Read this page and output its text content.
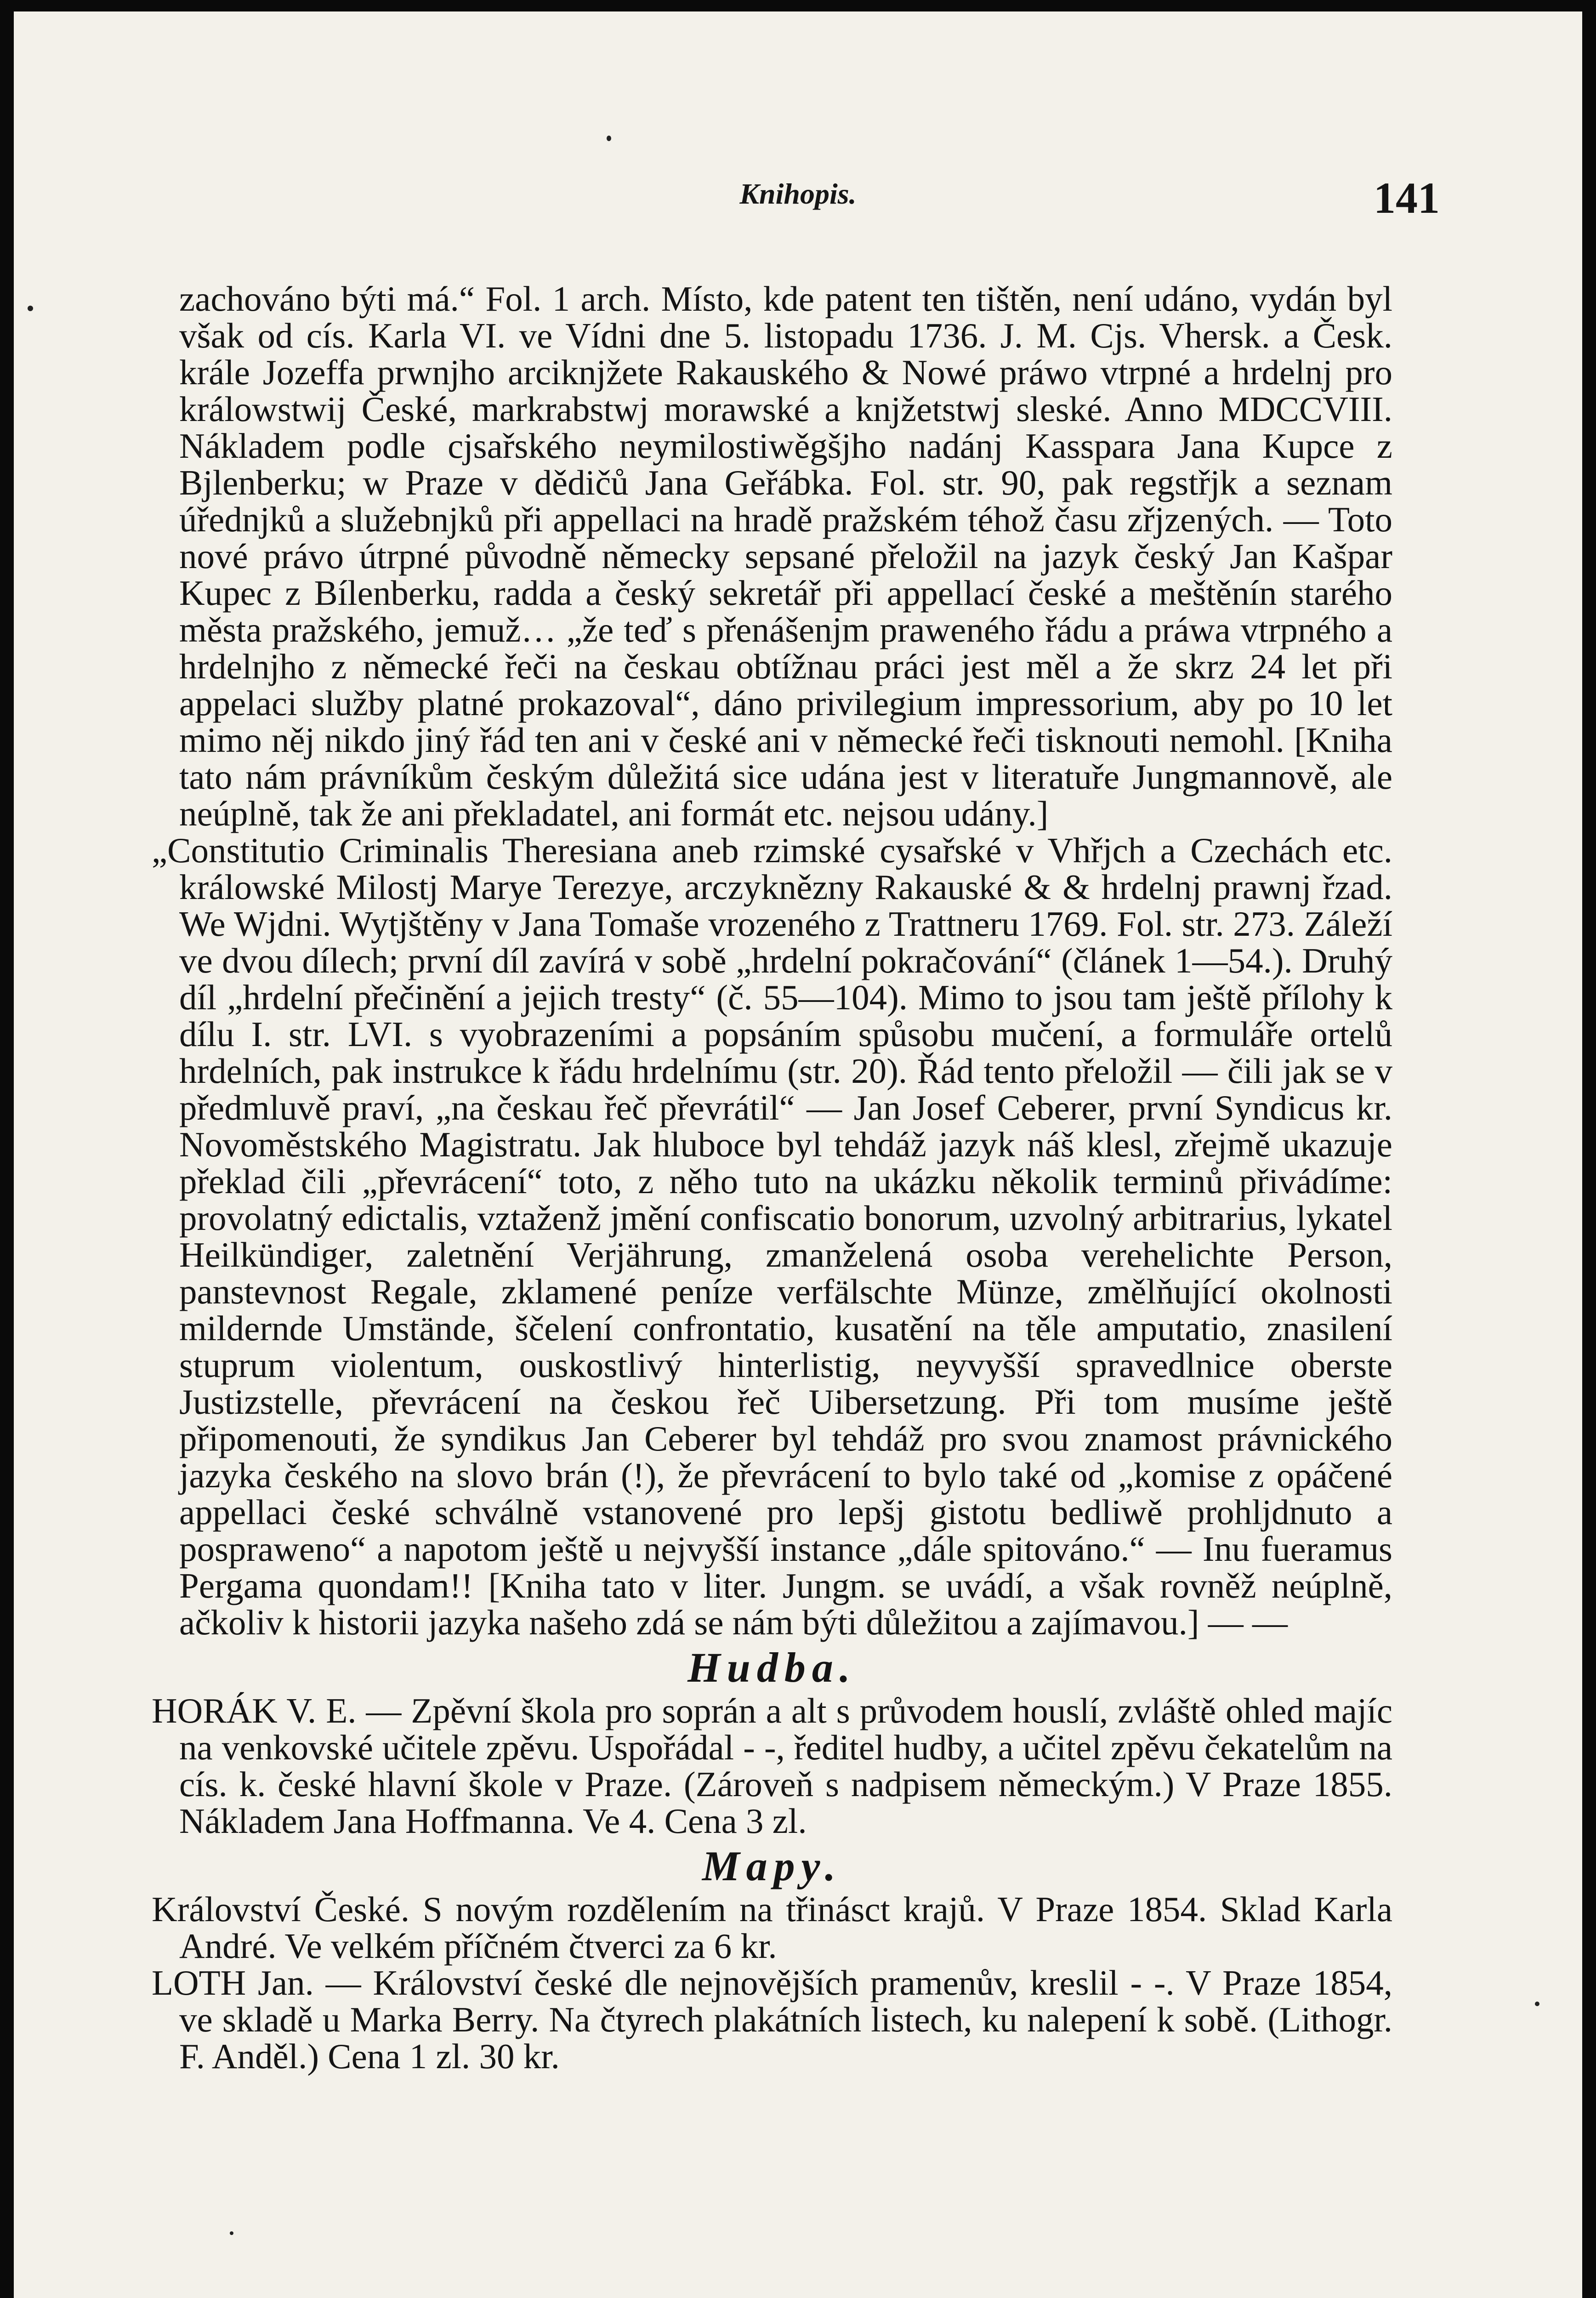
Knihopis.	141

zachováno býti má.“ Fol. 1 arch. Místo, kde patent ten tištěn, není udáno, vydán byl však od cís. Karla VI. ve Vídni dne 5. listopadu 1736. J. M. Cjs. Vhersk. a Česk. krále Jozeffa prwnjho arciknjžete Rakauského & Nowé práwo vtrpné a hrdelnj pro králowstwij České, markrabstwj morawské a knjžetstwj sleské. Anno MDCCVIII. Nákladem podle cjsařského neymilostiwěgšjho nadánj Kasspara Jana Kupce z Bjlenberku; w Praze v dědičů Jana Geřábka. Fol. str. 90, pak regstřjk a seznam úřednjků a služebnjků při appellaci na hradě pražském téhož času zřjzených. — Toto nové právo útrpné původně německy sepsané přeložil na jazyk český Jan Kašpar Kupec z Bílenberku, radda a český sekretář při appellací české a meštěnín starého města pražského, jemuž… „že teď s přenášenjm praweného řádu a práwa vtrpného a hrdelnjho z německé řeči na českau obtížnau práci jest měl a že skrz 24 let při appelaci služby platné prokazoval“, dáno privilegium impressorium, aby po 10 let mimo něj nikdo jiný řád ten ani v české ani v německé řeči tisknouti nemohl. [Kniha tato nám právníkům českým důležitá sice udána jest v literatuře Jungmannově, ale neúplně, tak že ani překladatel, ani formát etc. nejsou udány.]

„Constitutio Criminalis Theresiana aneb rzimské cysařské v Vhřjch a Czechách etc. králowské Milostj Marye Terezye, arczyknězny Rakauské & & hrdelnj prawnj řzad. We Wjdni. Wytjštěny v Jana Tomaše vrozeného z Trattneru 1769. Fol. str. 273. Záleží ve dvou dílech; první díl zavírá v sobě „hrdelní pokračování“ (článek 1—54.). Druhý díl „hrdelní přečinění a jejich tresty“ (č. 55—104). Mimo to jsou tam ještě přílohy k dílu I. str. LVI. s vyobrazeními a popsáním spůsobu mučení, a formuláře ortelů hrdelních, pak instrukce k řádu hrdelnímu (str. 20). Řád tento přeložil — čili jak se v předmluvě praví, „na českau řeč převrátil“ — Jan Josef Ceberer, první Syndicus kr. Novoměstského Magistratu. Jak hluboce byl tehdáž jazyk náš klesl, zřejmě ukazuje překlad čili „převrácení“ toto, z něho tuto na ukázku několik terminů přivádíme: provolatný edictalis, vztaženž jmění confiscatio bonorum, uzvolný arbitrarius, lykatel Heilkündiger, zaletnění Verjährung, zmanželená osoba verehelichte Person, panstevnost Regale, zklamené peníze verfälschte Münze, změlňující okolnosti mildernde Umstände, ščelení confrontatio, kusatění na těle amputatio, znasilení stuprum violentum, ouskostlivý hinterlistig, neyvyšší spravedlnice oberste Justizstelle, převrácení na českou řeč Uibersetzung. Při tom musíme ještě připomenouti, že syndikus Jan Ceberer byl tehdáž pro svou znamost právnického jazyka českého na slovo brán (!), že převrácení to bylo také od „komise z opáčené appellaci české schválně vstanovené pro lepšj gistotu bedliwě prohljdnuto a pospraweno“ a napotom ještě u nejvyšší instance „dále spitováno.“ — Inu fueramus Pergama quondam!! [Kniha tato v liter. Jungm. se uvádí, a však rovněž neúplně, ačkoliv k historii jazyka našeho zdá se nám býti důležitou a zajímavou.] — —

Hudba.

HORÁK V. E. — Zpěvní škola pro soprán a alt s průvodem houslí, zvláště ohled majíc na venkovské učitele zpěvu. Uspořádal - -, ředitel hudby, a učitel zpěvu čekatelům na cís. k. české hlavní škole v Praze. (Zároveň s nadpisem německým.) V Praze 1855. Nákladem Jana Hoffmanna. Ve 4. Cena 3 zl.

Mapy.

Království České. S novým rozdělením na třinásct krajů. V Praze 1854. Sklad Karla André. Ve velkém příčném čtverci za 6 kr.

LOTH Jan. — Království české dle nejnovějších pramenův, kreslil - -. V Praze 1854, ve skladě u Marka Berry. Na čtyrech plakátních listech, ku nalepení k sobě. (Lithogr. F. Anděl.) Cena 1 zl. 30 kr.
